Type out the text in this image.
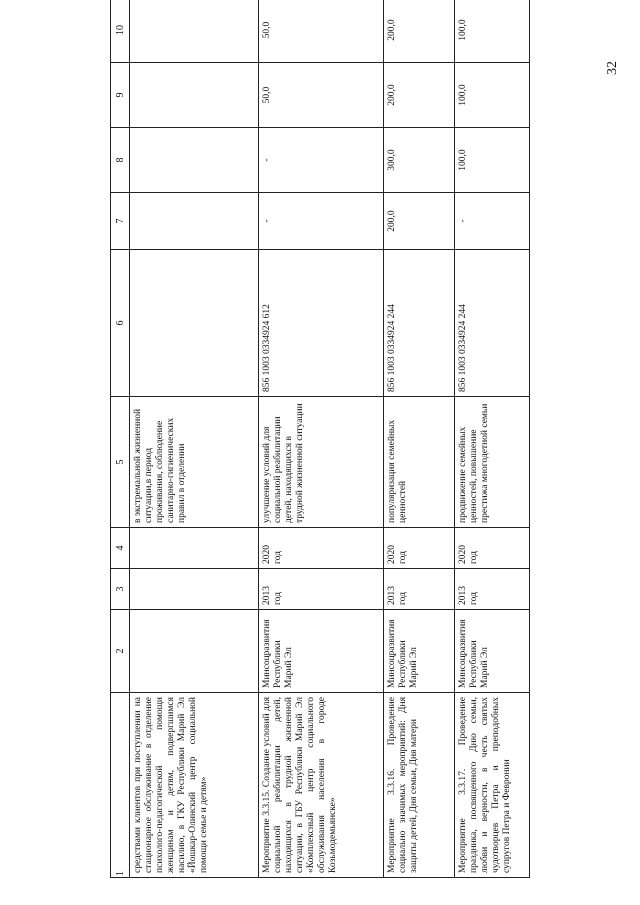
32
1	2	3	4	5	6	7	8	9	10
средствами клиентов при поступлении на стационарное обслуживание в отделение психолого-педагогической помощи женщинам и детям, подвергшимся насилию, в ГКУ Республики Марий Эл «Йошкар-Олинский центр социальной помощи семье и детям»				в экстремальной жизненной ситуации,в период проживания, соблюдение санитарно-гигиенических правил в отделении					
Мероприятие 3.3.15. Создание условий для социальной реабилитации детей, находящихся в трудной жизненной ситуации, в ГБУ Республики Марий Эл «Комплексный центр социального обслуживания населения в городе Козьмодемьянске»	Минсоцразвития Республики Марий Эл	2013 год	2020 год	улучшение условий для социальной реабилитации детей, находящихся в трудной жизненной ситуации	856 1003 0334924 612	-	-	50,0	50,0
Мероприятие 3.3.16. Проведение социально значимых мероприятий: Дня защиты детей, Дня семьи, Дня матери	Минсоцразвития Республики Марий Эл	2013 год	2020 год	популяризация семейных ценностей	856 1003 0334924 244	200,0	300,0	200,0	200,0
Мероприятие 3.3.17. Проведение праздника, посвященного Дню семьи, любви и верности, в честь святых чудотворцев Петра и преподобных супругов Петра и Февронии	Минсоцразвития Республики Марий Эл	2013 год	2020 год	продвижение семейных ценностей, повышение престижа многодетной семьи	856 1003 0334924 244	-	100,0	100,0	100,0
